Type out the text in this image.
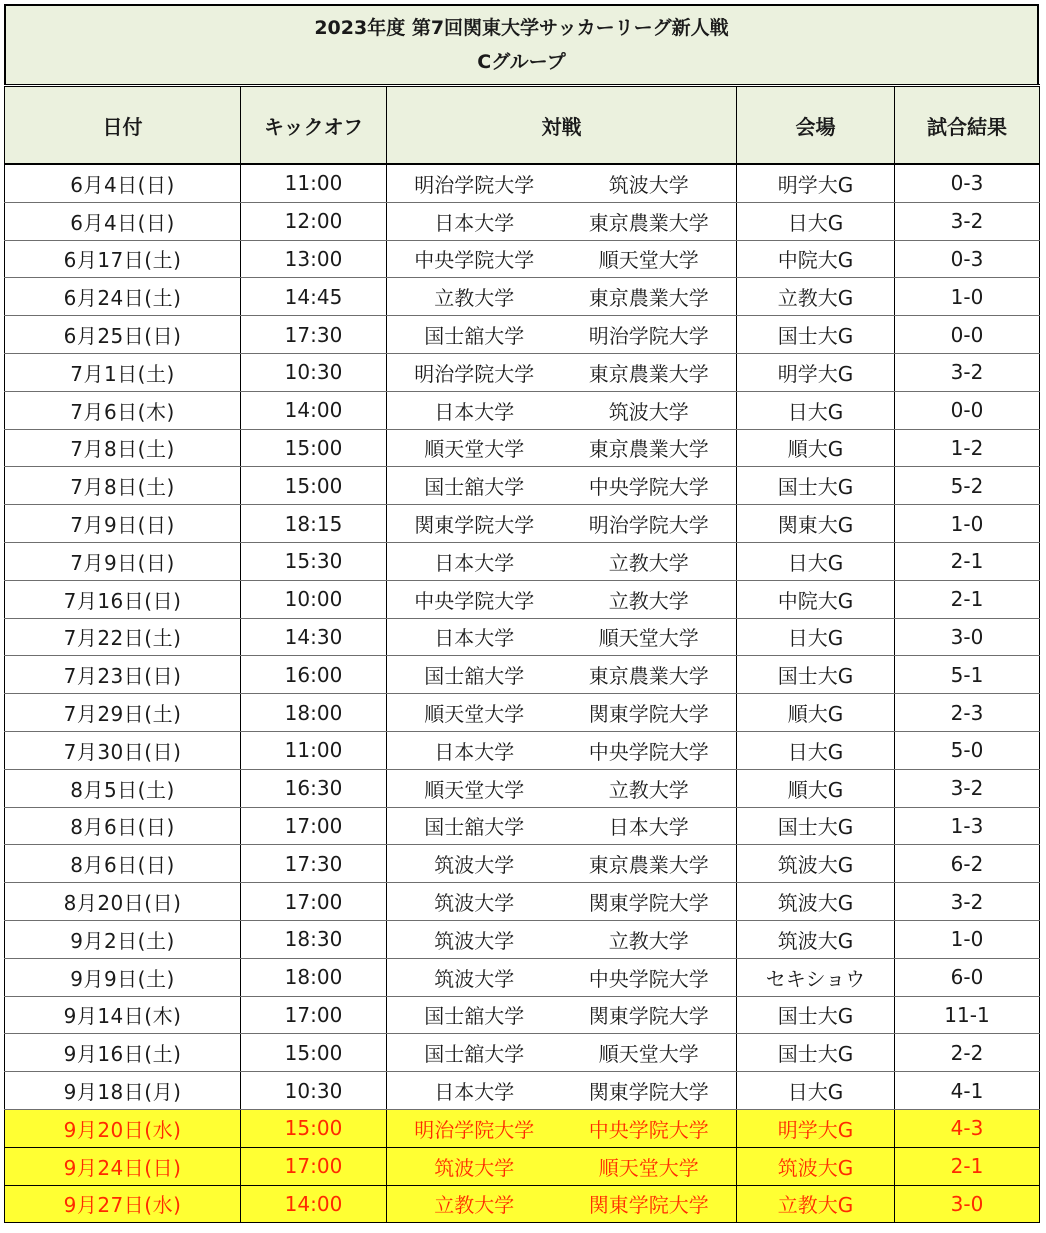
2023年度 第7回関東大学サッカーリーグ新人戦
Cグループ
日付	キックオフ	対戦		会場	試合結果
6月4日(日)	11:00	明治学院大学	筑波大学	明学大G	0-3
6月4日(日)	12:00	日本大学	東京農業大学	日大G	3-2
6月17日(土)	13:00	中央学院大学	順天堂大学	中院大G	0-3
6月24日(土)	14:45	立教大学	東京農業大学	立教大G	1-0
6月25日(日)	17:30	国士舘大学	明治学院大学	国士大G	0-0
7月1日(土)	10:30	明治学院大学	東京農業大学	明学大G	3-2
7月6日(木)	14:00	日本大学	筑波大学	日大G	0-0
7月8日(土)	15:00	順天堂大学	東京農業大学	順大G	1-2
7月8日(土)	15:00	国士舘大学	中央学院大学	国士大G	5-2
7月9日(日)	18:15	関東学院大学	明治学院大学	関東大G	1-0
7月9日(日)	15:30	日本大学	立教大学	日大G	2-1
7月16日(日)	10:00	中央学院大学	立教大学	中院大G	2-1
7月22日(土)	14:30	日本大学	順天堂大学	日大G	3-0
7月23日(日)	16:00	国士舘大学	東京農業大学	国士大G	5-1
7月29日(土)	18:00	順天堂大学	関東学院大学	順大G	2-3
7月30日(日)	11:00	日本大学	中央学院大学	日大G	5-0
8月5日(土)	16:30	順天堂大学	立教大学	順大G	3-2
8月6日(日)	17:00	国士舘大学	日本大学	国士大G	1-3
8月6日(日)	17:30	筑波大学	東京農業大学	筑波大G	6-2
8月20日(日)	17:00	筑波大学	関東学院大学	筑波大G	3-2
9月2日(土)	18:30	筑波大学	立教大学	筑波大G	1-0
9月9日(土)	18:00	筑波大学	中央学院大学	セキショウ	6-0
9月14日(木)	17:00	国士舘大学	関東学院大学	国士大G	11-1
9月16日(土)	15:00	国士舘大学	順天堂大学	国士大G	2-2
9月18日(月)	10:30	日本大学	関東学院大学	日大G	4-1
9月20日(水)	15:00	明治学院大学	中央学院大学	明学大G	4-3
9月24日(日)	17:00	筑波大学	順天堂大学	筑波大G	2-1
9月27日(水)	14:00	立教大学	関東学院大学	立教大G	3-0
